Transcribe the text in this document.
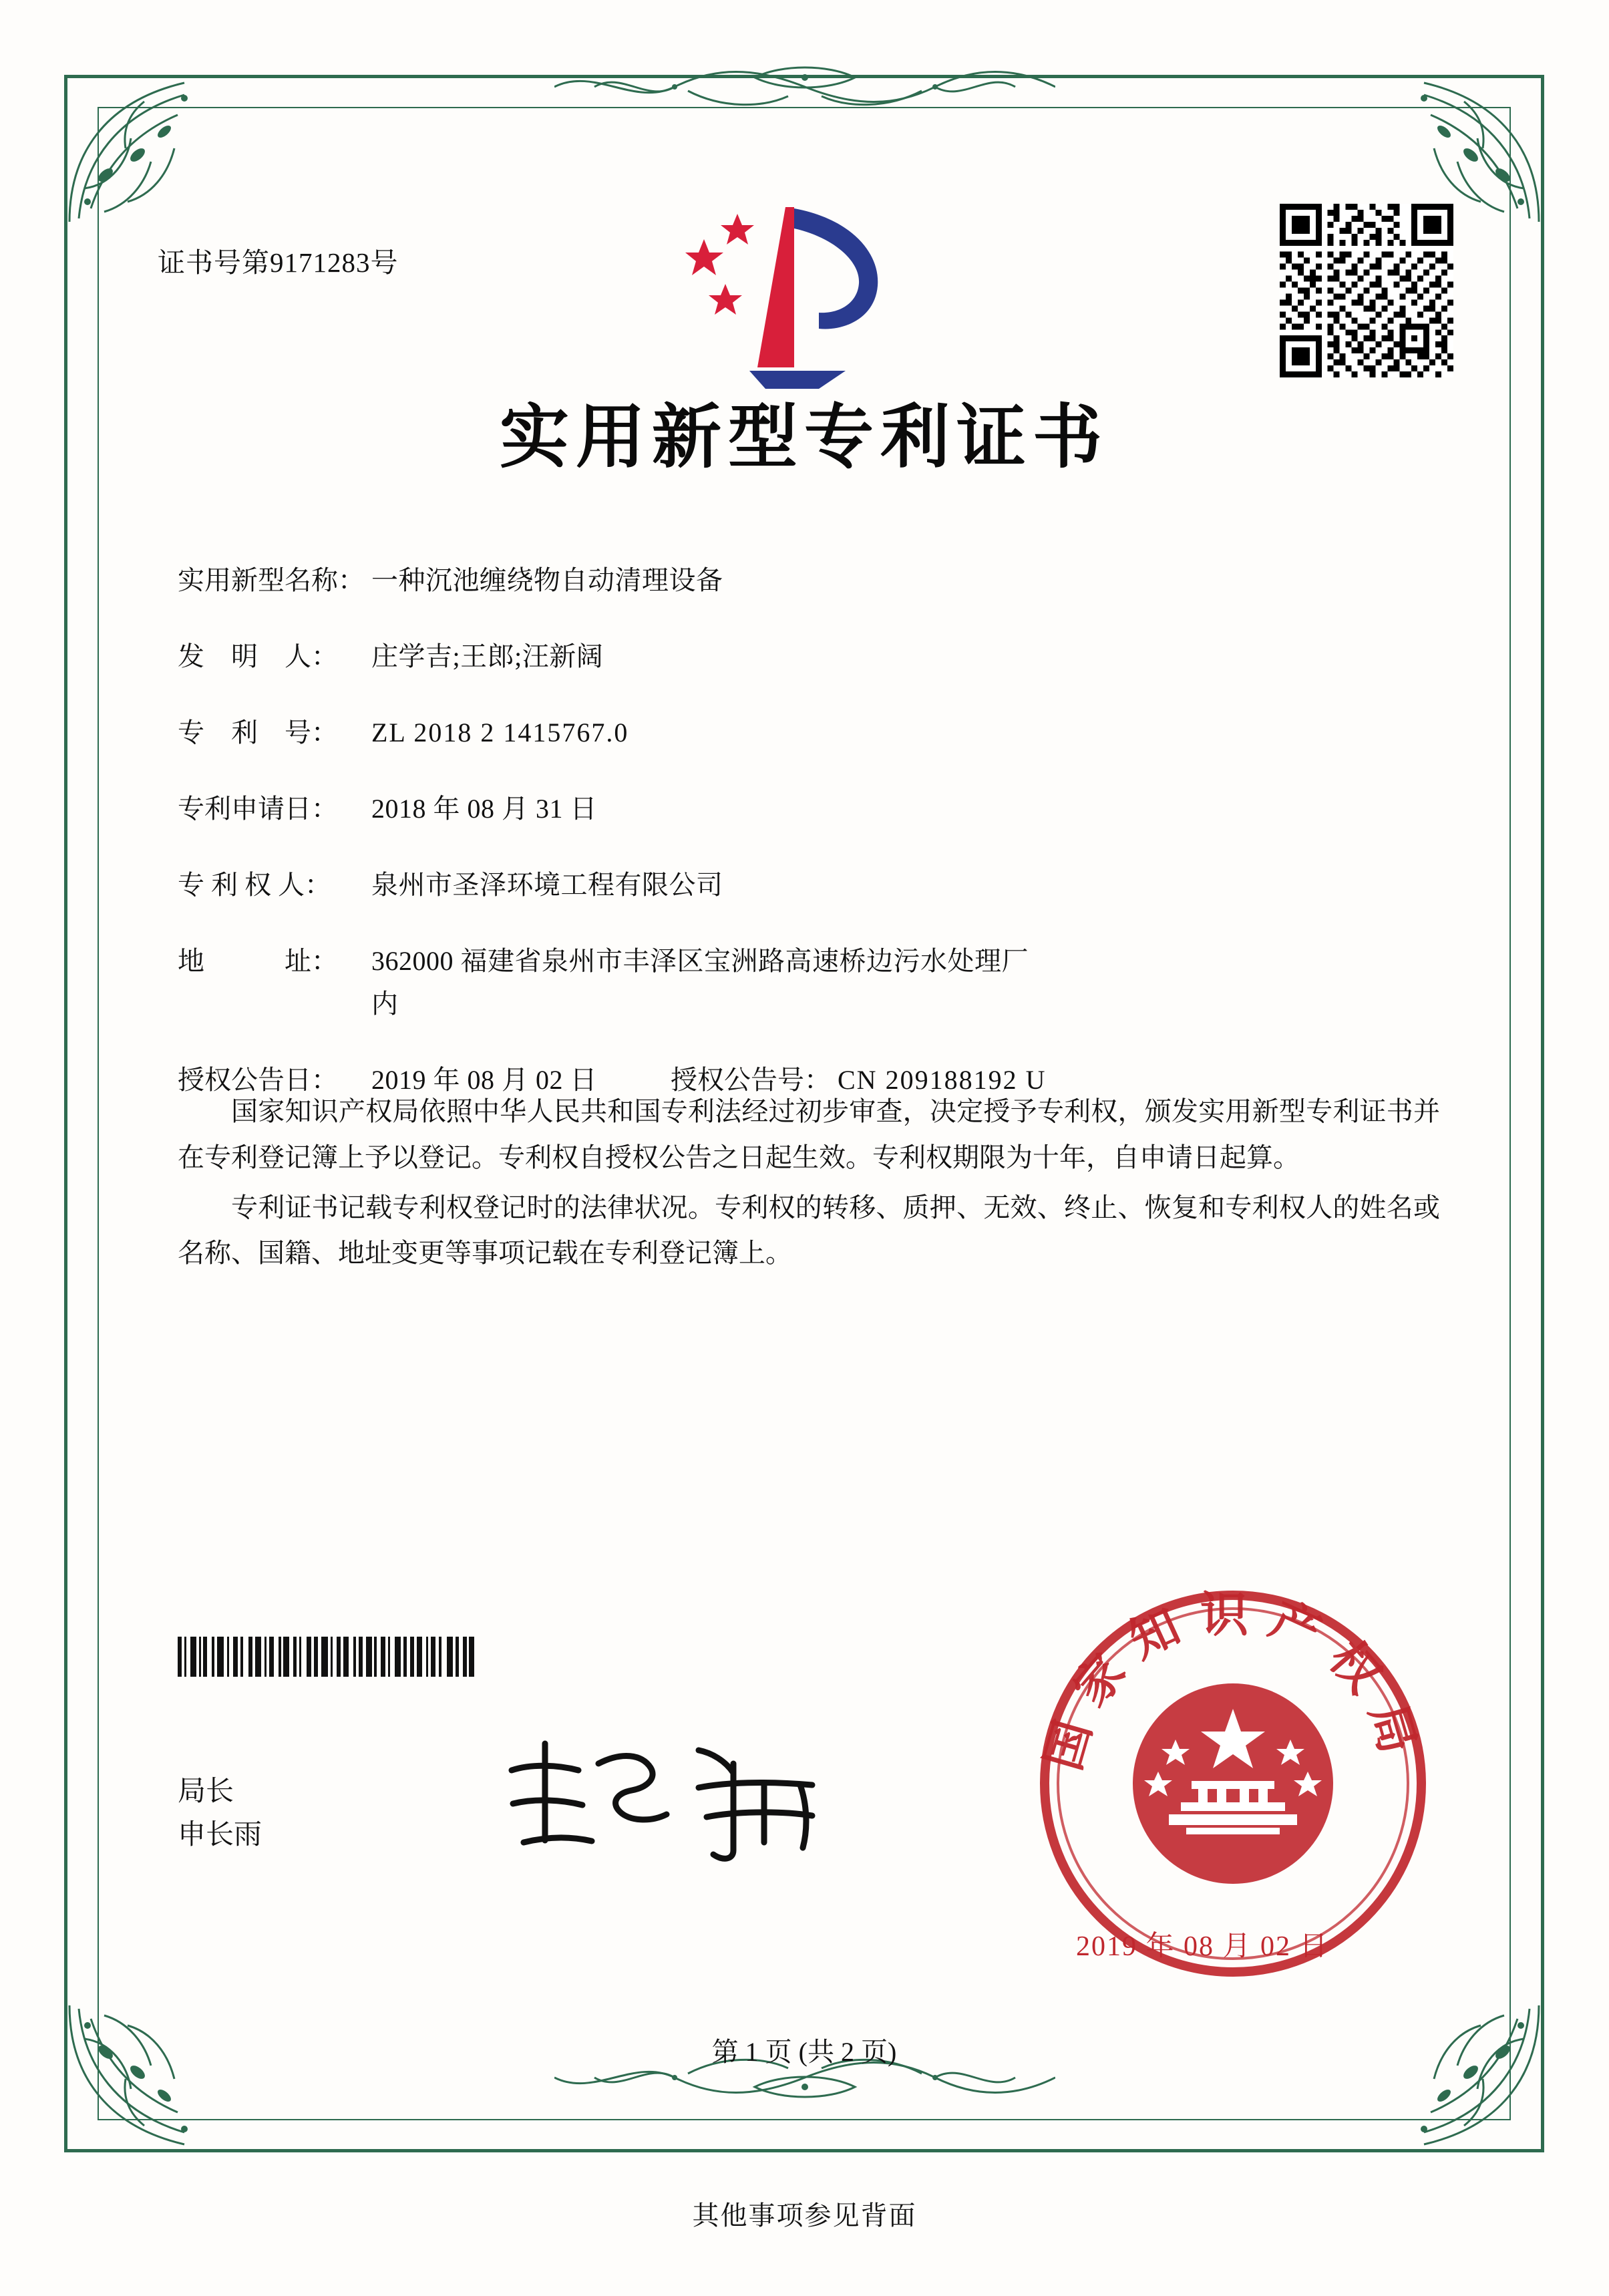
证书号第9171283号
实用新型专利证书
实用新型名称： 一种沉池缠绕物自动清理设备
发　明　人： 庄学吉;王郎;汪新阔
专　利　号： ZL 2018 2 1415767.0
专利申请日： 2018 年 08 月 31 日
专 利 权 人： 泉州市圣泽环境工程有限公司
地　　　址： 362000 福建省泉州市丰泽区宝洲路高速桥边污水处理厂
内
授权公告日： 2019 年 08 月 02 日	授权公告号： CN 209188192 U

国家知识产权局依照中华人民共和国专利法经过初步审查，决定授予专利权，颁发实用新型专利证书并在专利登记簿上予以登记。专利权自授权公告之日起生效。专利权期限为十年，自申请日起算。

专利证书记载专利权登记时的法律状况。专利权的转移、质押、无效、终止、恢复和专利权人的姓名或名称、国籍、地址变更等事项记载在专利登记簿上。

局长
申长雨
国家知识产权局
2019 年 08 月 02 日
第 1 页 (共 2 页)
其他事项参见背面
